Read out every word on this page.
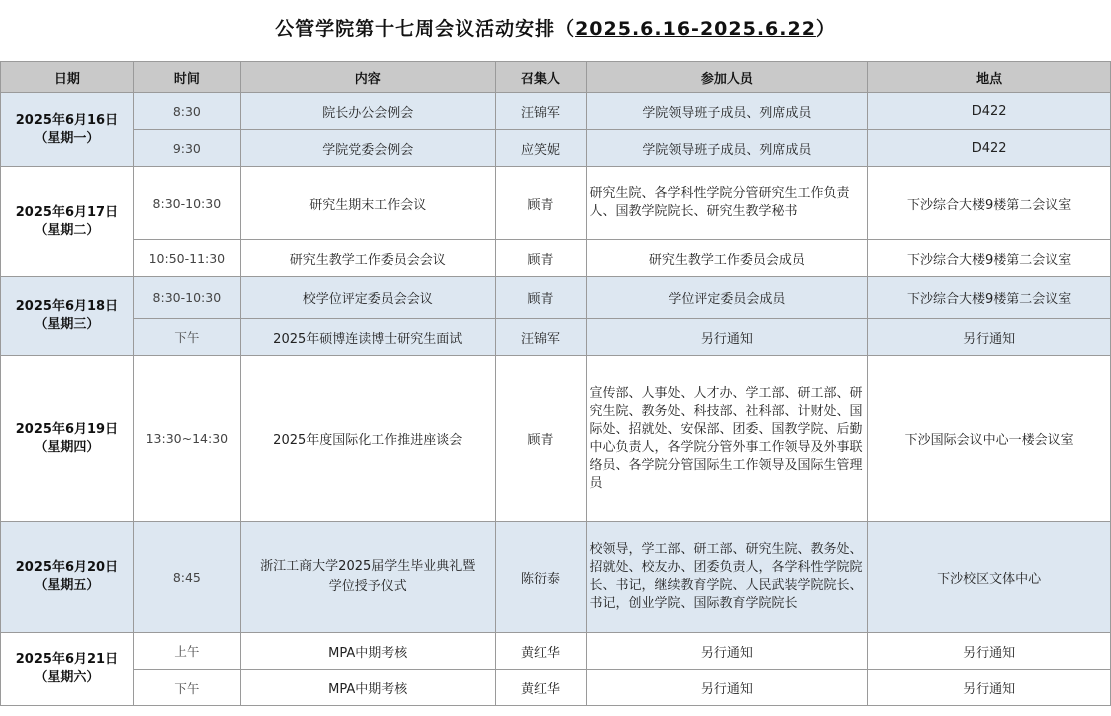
公管学院第十七周会议活动安排（2025.6.16-2025.6.22）
日期	时间	内容	召集人	参加人员	地点
2025年6月16日
（星期一）	8:30	院长办公会例会	汪锦军	学院领导班子成员、列席成员	D422
	9:30	学院党委会例会	应笑妮	学院领导班子成员、列席成员	D422
2025年6月17日
（星期二）	8:30-10:30	研究生期末工作会议	顾青	研究生院、各学科性学院分管研究生工作负责人、国教学院院长、研究生教学秘书	下沙综合大楼9楼第二会议室
	10:50-11:30	研究生教学工作委员会会议	顾青	研究生教学工作委员会成员	下沙综合大楼9楼第二会议室
2025年6月18日
（星期三）	8:30-10:30	校学位评定委员会会议	顾青	学位评定委员会成员	下沙综合大楼9楼第二会议室
	下午	2025年硕博连读博士研究生面试	汪锦军	另行通知	另行通知
2025年6月19日
（星期四）	13:30~14:30	2025年度国际化工作推进座谈会	顾青	宣传部、人事处、人才办、学工部、研工部、研究生院、教务处、科技部、社科部、计财处、国际处、招就处、安保部、团委、国教学院、后勤中心负责人，各学院分管外事工作领导及外事联络员、各学院分管国际生工作领导及国际生管理员	下沙国际会议中心一楼会议室
2025年6月20日
（星期五）	8:45	浙江工商大学2025届学生毕业典礼暨学位授予仪式	陈衍泰	校领导，学工部、研工部、研究生院、教务处、招就处、校友办、团委负责人，各学科性学院院长、书记，继续教育学院、人民武装学院院长、书记，创业学院、国际教育学院院长	下沙校区文体中心
2025年6月21日
（星期六）	上午	MPA中期考核	黄红华	另行通知	另行通知
	下午	MPA中期考核	黄红华	另行通知	另行通知
